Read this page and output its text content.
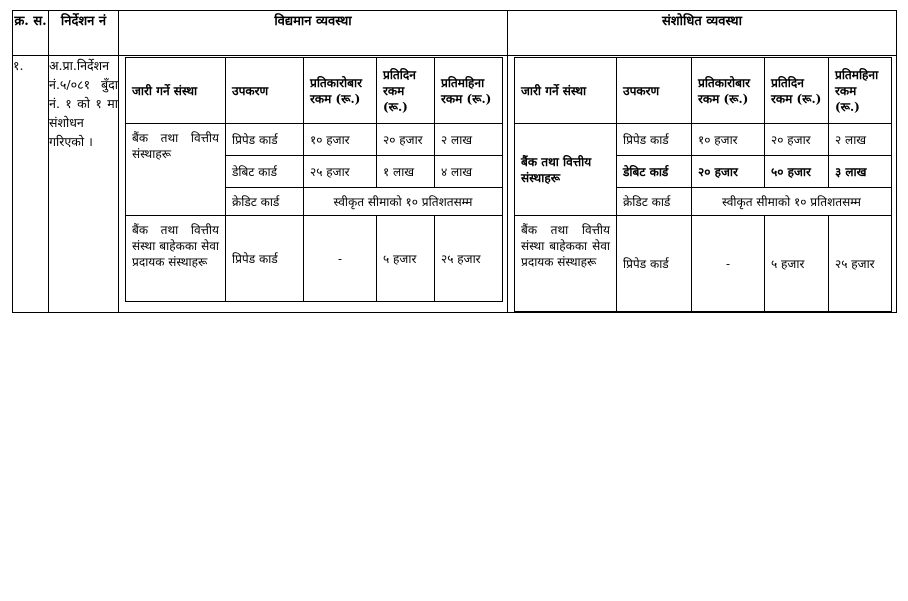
क्र. स.	निर्देशन नं	विद्यमान व्यवस्था	संशोधित व्यवस्था
१.	अ.प्रा.निर्देशन नं.५/०८१ बुँदा नं. १ को १ मा संशोधन गरिएको ।	
जारी गर्ने संस्था	उपकरण	प्रतिकारोबार रकम (रू.)	प्रतिदिन रकम (रू.)	प्रतिमहिना रकम (रू.)
बैंक तथा वित्तीय संस्थाहरू	प्रिपेड कार्ड	१० हजार	२० हजार	२ लाख
डेबिट कार्ड	२५ हजार	१ लाख	४ लाख
क्रेडिट कार्ड	स्वीकृत सीमाको १० प्रतिशतसम्म
बैंक तथा वित्तीय संस्था बाहेकका सेवा प्रदायक संस्थाहरू	प्रिपेड कार्ड	-	५ हजार	२५ हजार

जारी गर्ने संस्था	उपकरण	प्रतिकारोबार रकम (रू.)	प्रतिदिन रकम (रू.)	प्रतिमहिना रकम (रू.)
बैंक तथा वित्तीय संस्थाहरू	प्रिपेड कार्ड	१० हजार	२० हजार	२ लाख
डेबिट कार्ड	२० हजार	५० हजार	३ लाख
क्रेडिट कार्ड	स्वीकृत सीमाको १० प्रतिशतसम्म
बैंक तथा वित्तीय संस्था बाहेकका सेवा प्रदायक संस्थाहरू	प्रिपेड कार्ड	-	५ हजार	२५ हजार
